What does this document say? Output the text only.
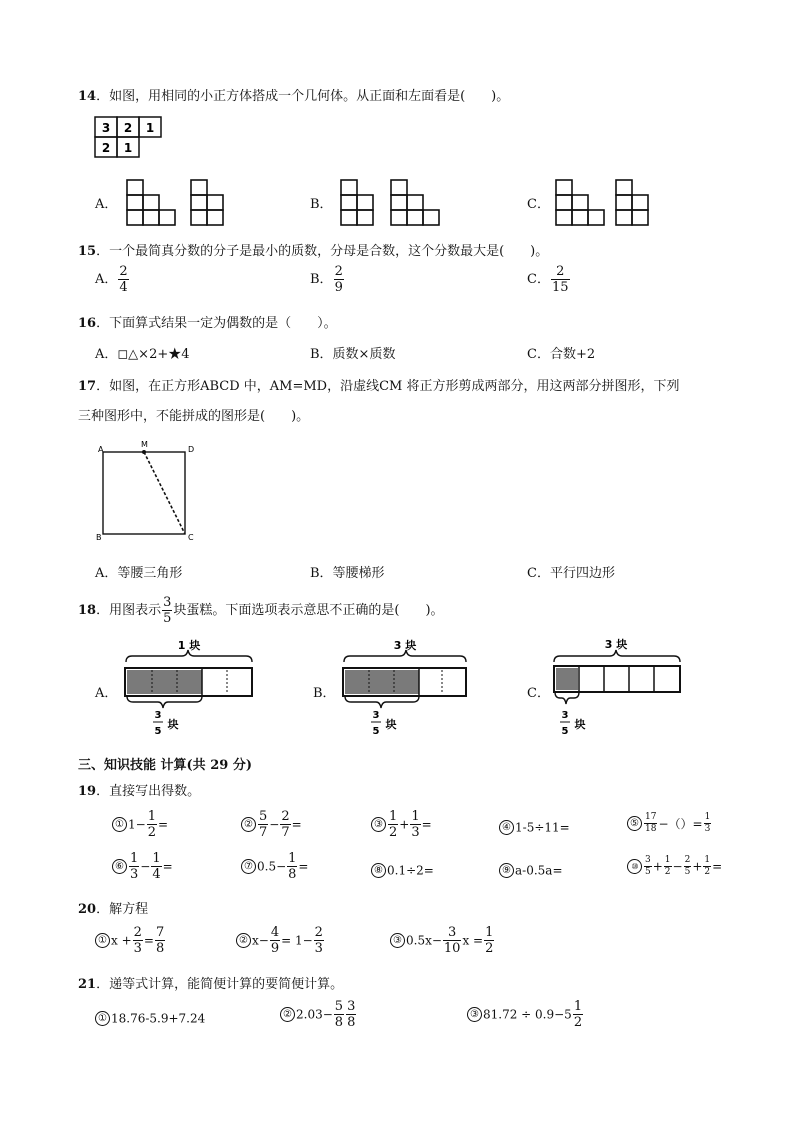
14．如图，用相同的小正方体搭成一个几何体。从正面和左面看是(　　)。
3 2 1
2 1
A．	B．	C．
15．一个最简真分数的分子是最小的质数，分母是合数，这个分数最大是(　　)。
A． $\frac{2}{4}$	B． $\frac{2}{9}$	C． $\frac{2}{15}$
16．下面算式结果一定为偶数的是（　　）。
A．◻△×2+★4	B．质数×质数	C．合数+2
17．如图，在正方形ABCD 中，AM=MD，沿虚线CM 将正方形剪成两部分，用这两部分拼图形，下列
三种图形中，不能拼成的图形是(　　)。
A
M
D
B	C
A．等腰三角形	B．等腰梯形	C．平行四边形
18．用图表示 $\frac{3}{5}$ 块蛋糕。下面选项表示意思不正确的是(　　)。
A．
1 块
3
5
块
B．
3 块
3
5
块
C．
3 块
3
5
块
三、知识技能 计算(共 29 分)
19．直接写出得数。
① $1- \frac{1}{2}$ =	② $\frac{5}{7} - \frac{2}{7}$ =	③ $\frac{1}{2} + \frac{1}{3}$ =	④ 1-5÷11=	⑤ $\frac{17}{18}$ −（）= $\frac{1}{3}$
⑥ $\frac{1}{3} - \frac{1}{4}$ =	⑦ $0.5- \frac{1}{8}$ =	⑧ 0.1÷2=	⑨ a-0.5a=	⑩ $\frac{3}{5} + \frac{1}{2} - \frac{2}{5} + \frac{1}{2}$ =
20．解方程
① $x + \frac{2}{3} = \frac{7}{8}$	② $x- \frac{4}{9} = 1- \frac{2}{3}$	③ $0.5x- \frac{3}{10}$ $x = \frac{1}{2}$
21．递等式计算，能简便计算的要简便计算。
① 18.76-5.9+7.24	② $2.03- \frac{5}{8} \frac{3}{8}$	③ $81.72 \div 0.9-5 \frac{1}{2}$
